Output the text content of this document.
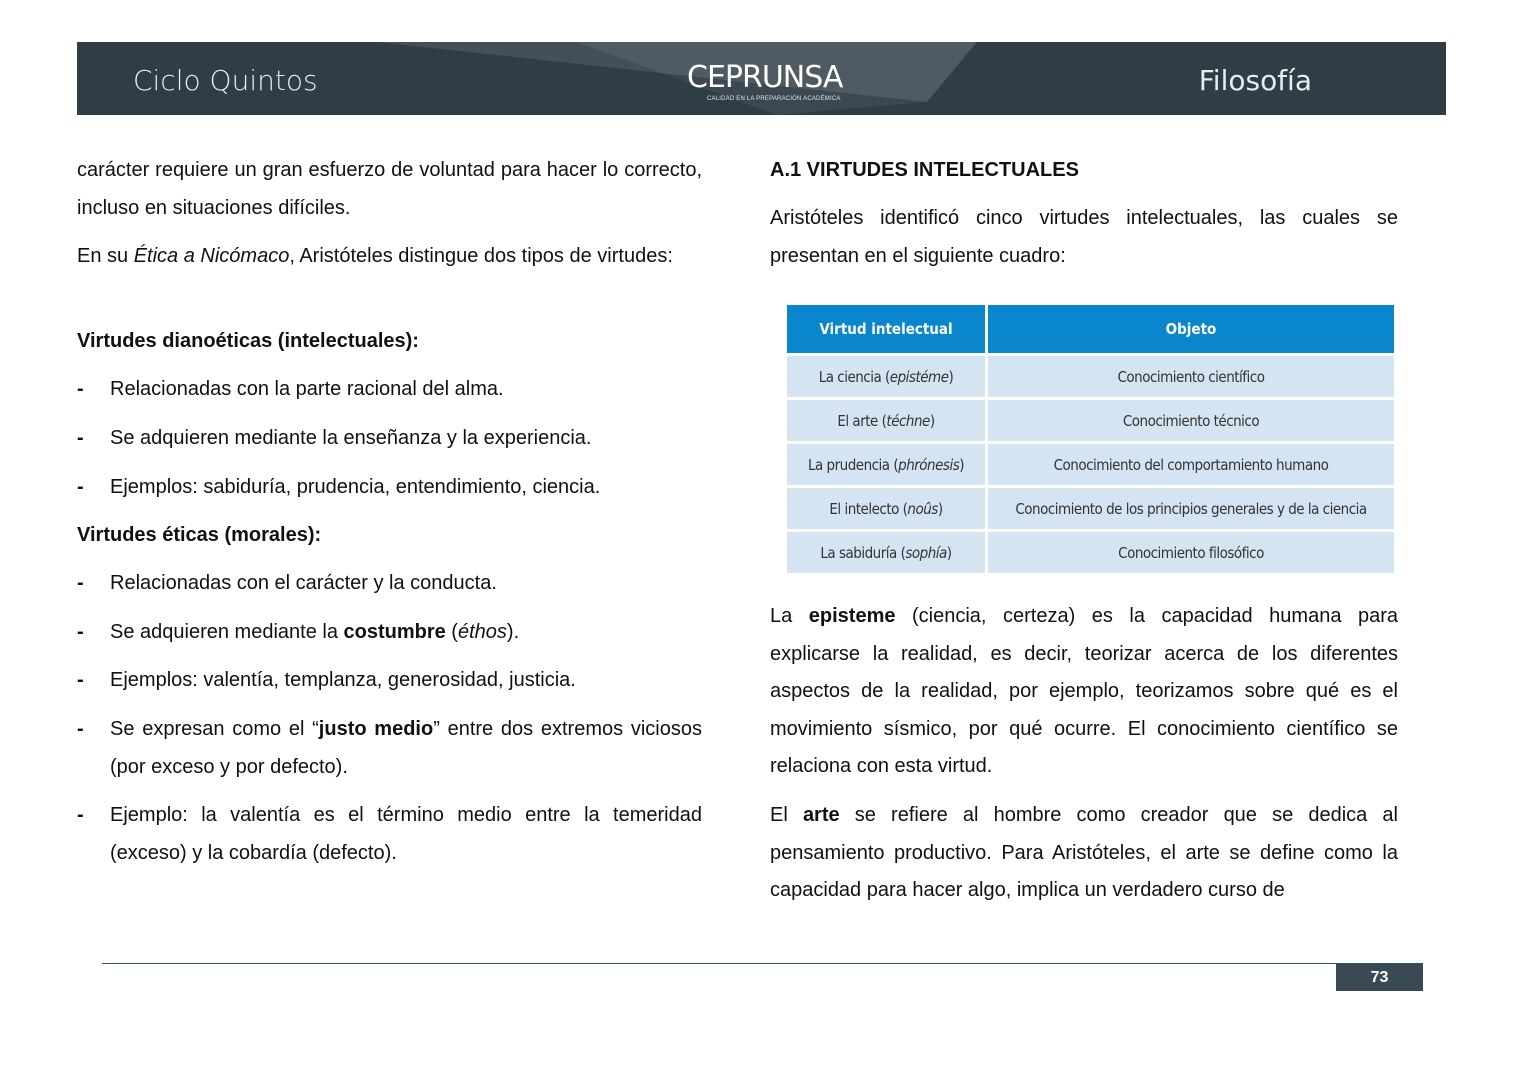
Ciclo Quintos	CEPRUNSA
CALIDAD EN LA PREPARACIÓN ACADÉMICA
Filosofía
carácter requiere un gran esfuerzo de voluntad para hacer lo correcto, incluso en situaciones difíciles.
En su Ética a Nicómaco, Aristóteles distingue dos tipos de virtudes:
Virtudes dianoéticas (intelectuales):
- Relacionadas con la parte racional del alma.
- Se adquieren mediante la enseñanza y la experiencia.
- Ejemplos: sabiduría, prudencia, entendimiento, ciencia.
Virtudes éticas (morales):
- Relacionadas con el carácter y la conducta.
- Se adquieren mediante la costumbre (éthos).
- Ejemplos: valentía, templanza, generosidad, justicia.
- Se expresan como el “justo medio” entre dos extremos viciosos (por exceso y por defecto).
- Ejemplo: la valentía es el término medio entre la temeridad (exceso) y la cobardía (defecto).
A.1 VIRTUDES INTELECTUALES
Aristóteles identificó cinco virtudes intelectuales, las cuales se presentan en el siguiente cuadro:
Virtud intelectual	Objeto
La ciencia (epistéme)	Conocimiento científico
El arte (téchne)	Conocimiento técnico
La prudencia (phrónesis)	Conocimiento del comportamiento humano
El intelecto (noûs)	Conocimiento de los principios generales y de la ciencia
La sabiduría (sophía)	Conocimiento filosófico
La episteme (ciencia, certeza) es la capacidad humana para explicarse la realidad, es decir, teorizar acerca de los diferentes aspectos de la realidad, por ejemplo, teorizamos sobre qué es el movimiento sísmico, por qué ocurre. El conocimiento científico se relaciona con esta virtud.
El arte se refiere al hombre como creador que se dedica al pensamiento productivo. Para Aristóteles, el arte se define como la capacidad para hacer algo, implica un verdadero curso de
73
